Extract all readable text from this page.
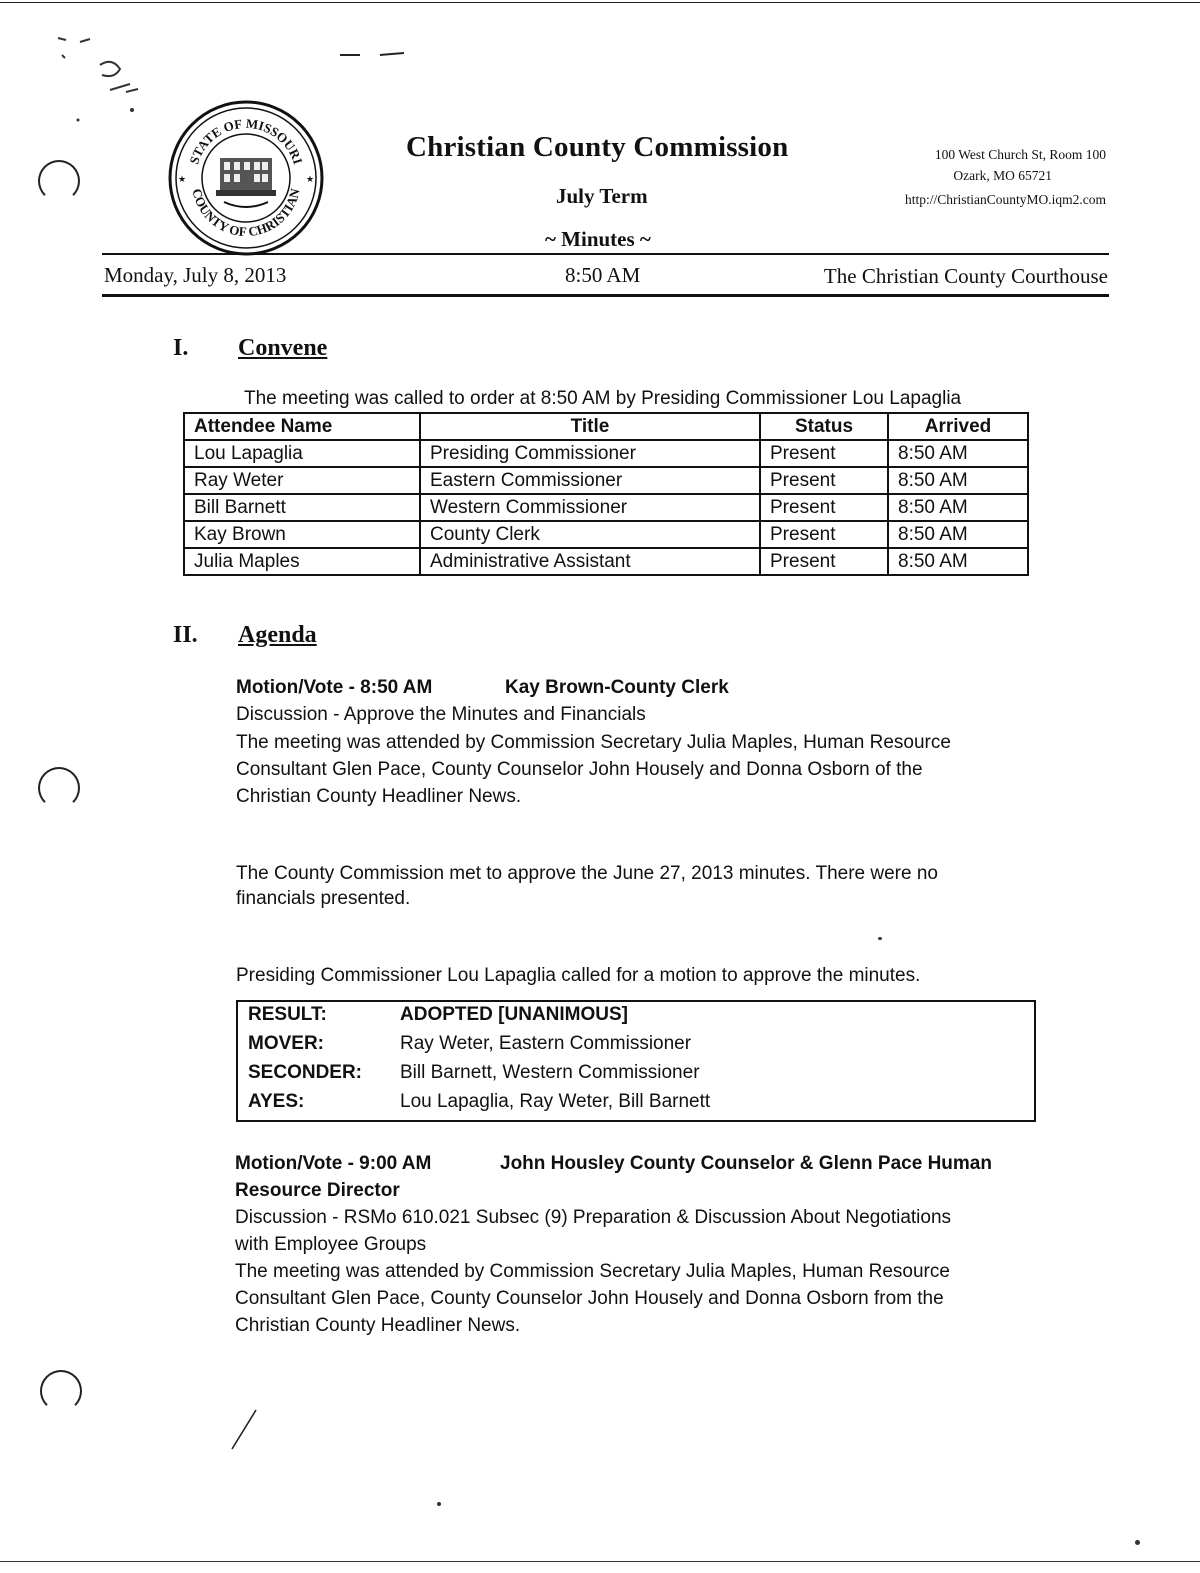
STATE OF MISSOURI
COUNTY OF CHRISTIAN
★	★
Christian County Commission
July Term
~ Minutes ~
100 West Church St, Room 100
Ozark, MO 65721
http://ChristianCountyMO.iqm2.com
Monday, July 8, 2013	8:50 AM	The Christian County Courthouse
I. Convene
The meeting was called to order at 8:50 AM by Presiding Commissioner Lou Lapaglia
Attendee Name	Title	Status	Arrived
Lou Lapaglia	Presiding Commissioner	Present	8:50 AM
Ray Weter	Eastern Commissioner	Present	8:50 AM
Bill Barnett	Western Commissioner	Present	8:50 AM
Kay Brown	County Clerk	Present	8:50 AM
Julia Maples	Administrative Assistant	Present	8:50 AM
II. Agenda
Motion/Vote - 8:50 AM	Kay Brown-County Clerk
Discussion - Approve the Minutes and Financials
The meeting was attended by Commission Secretary Julia Maples, Human Resource
Consultant Glen Pace, County Counselor John Housely and Donna Osborn of the
Christian County Headliner News.
The County Commission met to approve the June 27, 2013 minutes. There were no
financials presented.
Presiding Commissioner Lou Lapaglia called for a motion to approve the minutes.
RESULT:	ADOPTED [UNANIMOUS]
MOVER:	Ray Weter, Eastern Commissioner
SECONDER: Bill Barnett, Western Commissioner
AYES:	Lou Lapaglia, Ray Weter, Bill Barnett
Motion/Vote - 9:00 AM	John Housley County Counselor & Glenn Pace Human
Resource Director
Discussion - RSMo 610.021 Subsec (9) Preparation & Discussion About Negotiations
with Employee Groups
The meeting was attended by Commission Secretary Julia Maples, Human Resource
Consultant Glen Pace, County Counselor John Housely and Donna Osborn from the
Christian County Headliner News.
